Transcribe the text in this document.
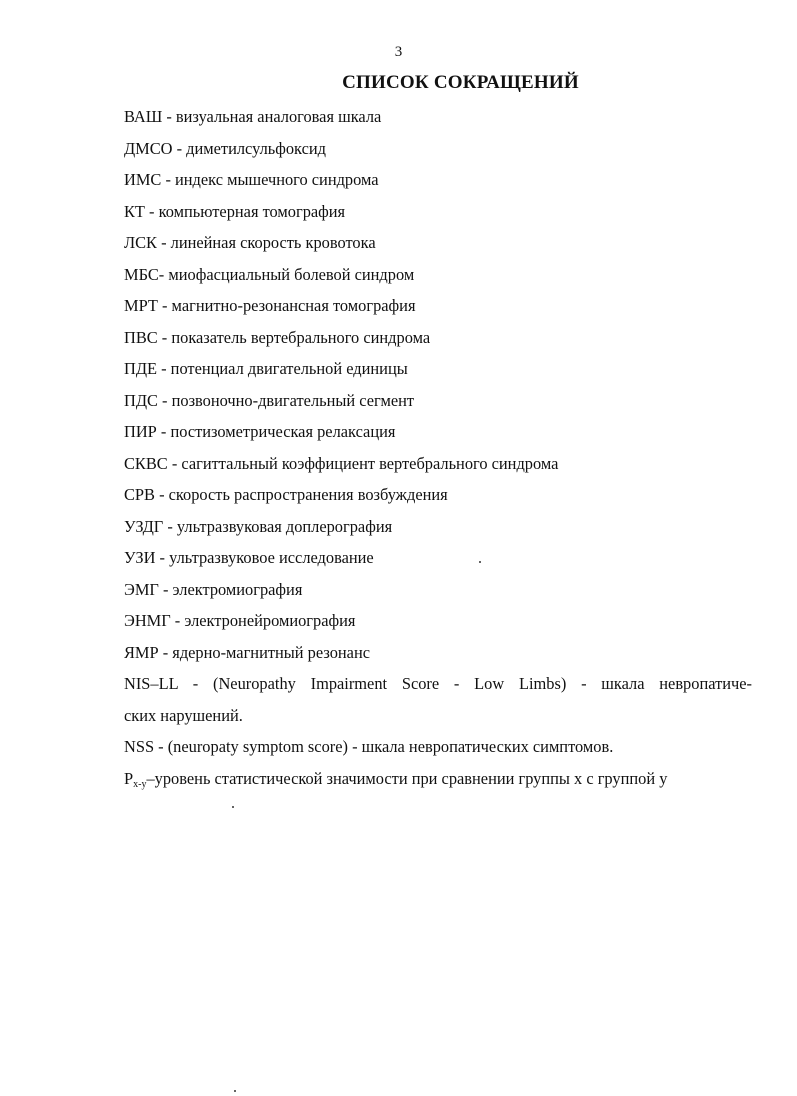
3
СПИСОК СОКРАЩЕНИЙ
ВАШ - визуальная аналоговая шкала
ДМСО - диметилсульфоксид
ИМС - индекс мышечного синдрома
КТ - компьютерная томография
ЛСК - линейная скорость кровотока
МБС- миофасциальный болевой синдром
МРТ - магнитно-резонансная томография
ПВС - показатель вертебрального синдрома
ПДЕ - потенциал двигательной единицы
ПДС - позвоночно-двигательный сегмент
ПИР - постизометрическая релаксация
СКВС - сагиттальный коэффициент вертебрального синдрома
СРВ - скорость распространения возбуждения
УЗДГ - ультразвуковая доплерография
УЗИ - ультразвуковое исследование
ЭМГ - электромиография
ЭНМГ - электронейромиография
ЯМР - ядерно-магнитный резонанс
NIS–LL - (Neuropathy Impairment Score - Low Limbs) - шкала невропатиче-
ских нарушений.
NSS - (neuropaty symptom score) - шкала невропатических симптомов.
$P_{x-y}$–уровень статистической значимости при сравнении группы х с группой у
